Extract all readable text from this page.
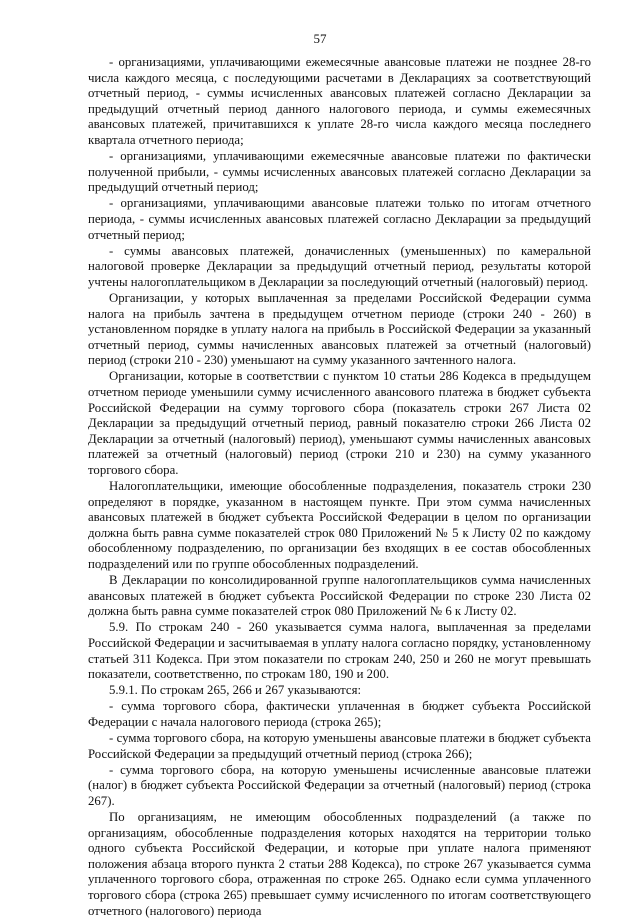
57

- организациями, уплачивающими ежемесячные авансовые платежи не позднее 28-го числа каждого месяца, с последующими расчетами в Декларациях за соответствующий отчетный период, - суммы исчисленных авансовых платежей согласно Декларации за предыдущий отчетный период данного налогового периода, и суммы ежемесячных авансовых платежей, причитавшихся к уплате 28-го числа каждого месяца последнего квартала отчетного периода;

- организациями, уплачивающими ежемесячные авансовые платежи по фактически полученной прибыли, - суммы исчисленных авансовых платежей согласно Декларации за предыдущий отчетный период;

- организациями, уплачивающими авансовые платежи только по итогам отчетного периода, - суммы исчисленных авансовых платежей согласно Декларации за предыдущий отчетный период;

- суммы авансовых платежей, доначисленных (уменьшенных) по камеральной налоговой проверке Декларации за предыдущий отчетный период, результаты которой учтены налогоплательщиком в Декларации за последующий отчетный (налоговый) период.

Организации, у которых выплаченная за пределами Российской Федерации сумма налога на прибыль зачтена в предыдущем отчетном периоде (строки 240 - 260) в установленном порядке в уплату налога на прибыль в Российской Федерации за указанный отчетный период, суммы начисленных авансовых платежей за отчетный (налоговый) период (строки 210 - 230) уменьшают на сумму указанного зачтенного налога.

Организации, которые в соответствии с пунктом 10 статьи 286 Кодекса в предыдущем отчетном периоде уменьшили сумму исчисленного авансового платежа в бюджет субъекта Российской Федерации на сумму торгового сбора (показатель строки 267 Листа 02 Декларации за предыдущий отчетный период, равный показателю строки 266 Листа 02 Декларации за отчетный (налоговый) период), уменьшают суммы начисленных авансовых платежей за отчетный (налоговый) период (строки 210 и 230) на сумму указанного торгового сбора.

Налогоплательщики, имеющие обособленные подразделения, показатель строки 230 определяют в порядке, указанном в настоящем пункте. При этом сумма начисленных авансовых платежей в бюджет субъекта Российской Федерации в целом по организации должна быть равна сумме показателей строк 080 Приложений № 5 к Листу 02 по каждому обособленному подразделению, по организации без входящих в ее состав обособленных подразделений или по группе обособленных подразделений.

В Декларации по консолидированной группе налогоплательщиков сумма начисленных авансовых платежей в бюджет субъекта Российской Федерации по строке 230 Листа 02 должна быть равна сумме показателей строк 080 Приложений № 6 к Листу 02.

5.9. По строкам 240 - 260 указывается сумма налога, выплаченная за пределами Российской Федерации и засчитываемая в уплату налога согласно порядку, установленному статьей 311 Кодекса. При этом показатели по строкам 240, 250 и 260 не могут превышать показатели, соответственно, по строкам 180, 190 и 200.

5.9.1. По строкам 265, 266 и 267 указываются:

- сумма торгового сбора, фактически уплаченная в бюджет субъекта Российской Федерации с начала налогового периода (строка 265);

- сумма торгового сбора, на которую уменьшены авансовые платежи в бюджет субъекта Российской Федерации за предыдущий отчетный период (строка 266);

- сумма торгового сбора, на которую уменьшены исчисленные авансовые платежи (налог) в бюджет субъекта Российской Федерации за отчетный (налоговый) период (строка 267).

По организациям, не имеющим обособленных подразделений (а также по организациям, обособленные подразделения которых находятся на территории только одного субъекта Российской Федерации, и которые при уплате налога применяют положения абзаца второго пункта 2 статьи 288 Кодекса), по строке 267 указывается сумма уплаченного торгового сбора, отраженная по строке 265. Однако если сумма уплаченного торгового сбора (строка 265) превышает сумму исчисленного по итогам соответствующего отчетного (налогового) периода
